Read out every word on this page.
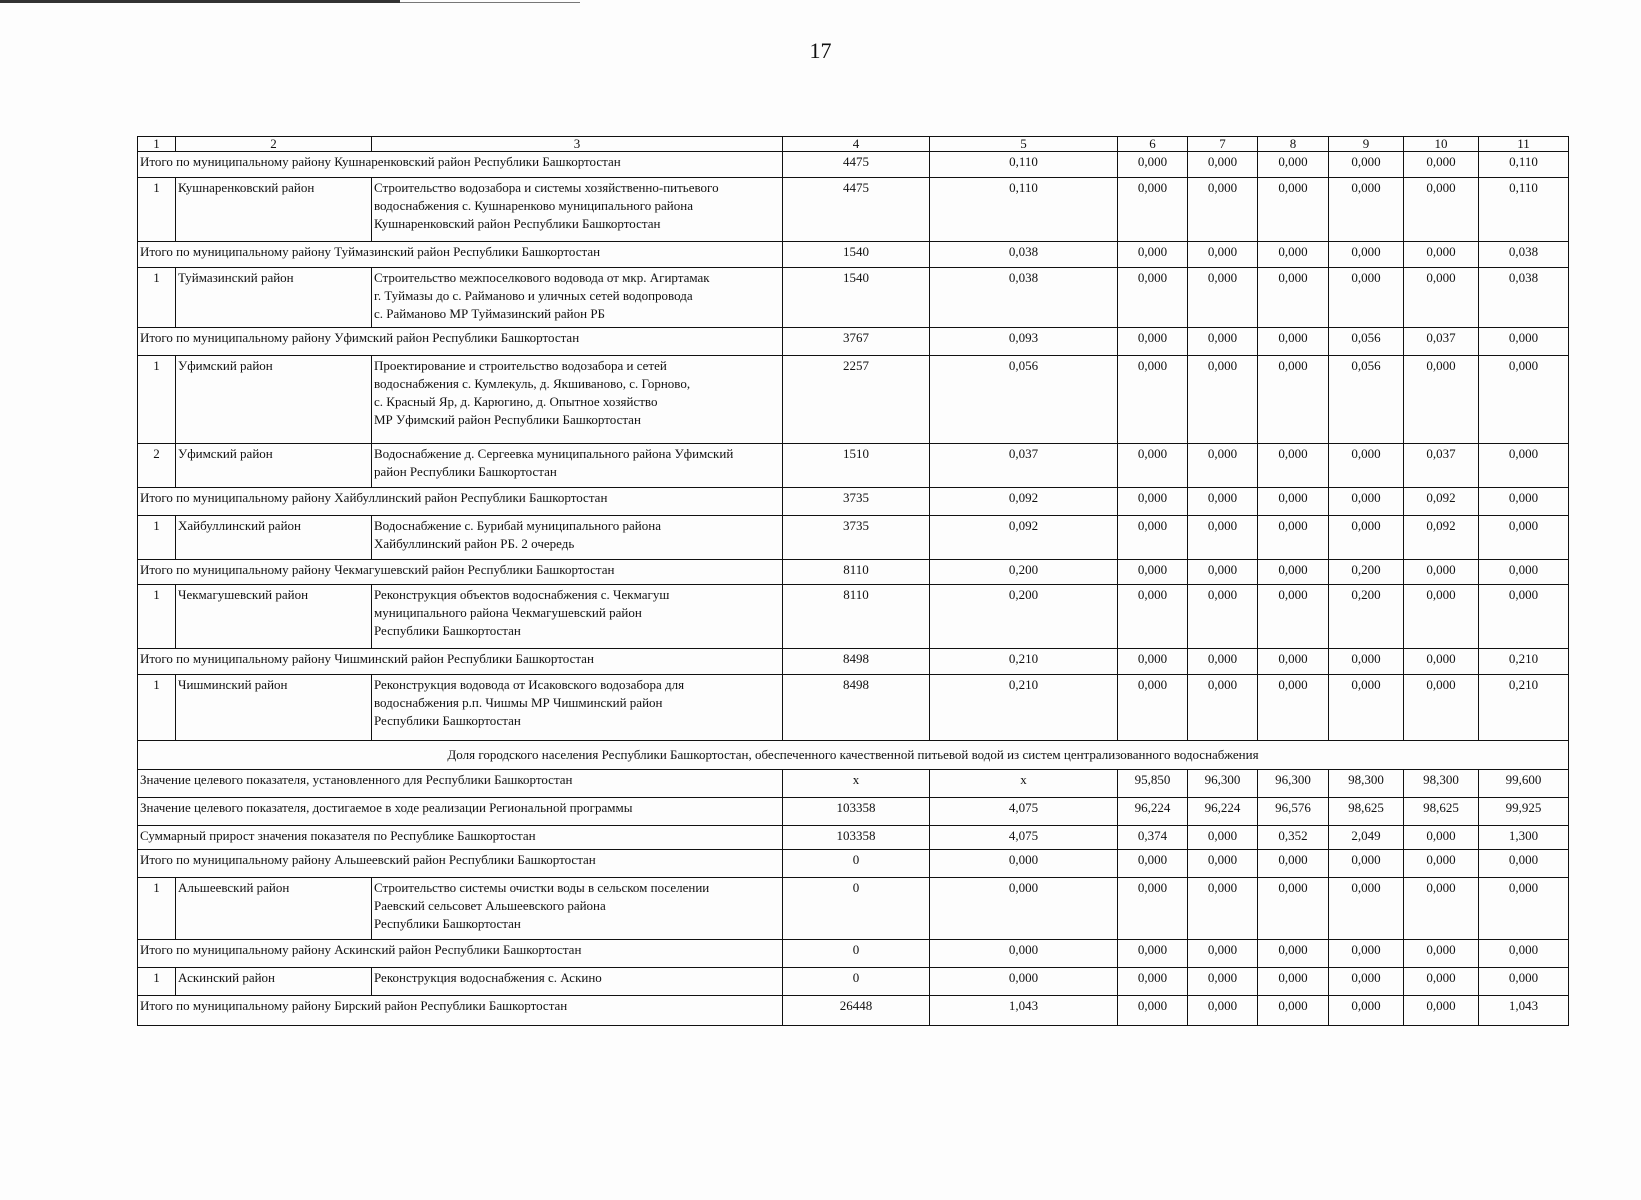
17
1	2	3	4	5	6	7	8	9	10	11
Итого по муниципальному району Кушнаренковский район Республики Башкортостан			4475	0,110	0,000	0,000	0,000	0,000	0,000	0,110
1	Кушнаренковский район	Строительство водозабора и системы хозяйственно-питьевого
водоснабжения с. Кушнаренково муниципального района
Кушнаренковский район Республики Башкортостан	4475	0,110	0,000	0,000	0,000	0,000	0,000	0,110
Итого по муниципальному району Туймазинский район Республики Башкортостан			1540	0,038	0,000	0,000	0,000	0,000	0,000	0,038
1	Туймазинский район	Строительство межпоселкового водовода от мкр. Агиртамак
г. Туймазы до с. Райманово и уличных сетей водопровода
с. Райманово МР Туймазинский район РБ	1540	0,038	0,000	0,000	0,000	0,000	0,000	0,038
Итого по муниципальному району Уфимский район Республики Башкортостан			3767	0,093	0,000	0,000	0,000	0,056	0,037	0,000
1	Уфимский район	Проектирование и строительство водозабора и сетей
водоснабжения с. Кумлекуль, д. Якшиваново, с. Горново,
с. Красный Яр, д. Карюгино, д. Опытное хозяйство
МР Уфимский район Республики Башкортостан	2257	0,056	0,000	0,000	0,000	0,056	0,000	0,000
2	Уфимский район	Водоснабжение д. Сергеевка муниципального района Уфимский
район Республики Башкортостан	1510	0,037	0,000	0,000	0,000	0,000	0,037	0,000
Итого по муниципальному району Хайбуллинский район Республики Башкортостан			3735	0,092	0,000	0,000	0,000	0,000	0,092	0,000
1	Хайбуллинский район	Водоснабжение с. Бурибай муниципального района
Хайбуллинский район РБ. 2 очередь	3735	0,092	0,000	0,000	0,000	0,000	0,092	0,000
Итого по муниципальному району Чекмагушевский район Республики Башкортостан			8110	0,200	0,000	0,000	0,000	0,200	0,000	0,000
1	Чекмагушевский район	Реконструкция объектов водоснабжения с. Чекмагуш
муниципального района Чекмагушевский район
Республики Башкортостан	8110	0,200	0,000	0,000	0,000	0,200	0,000	0,000
Итого по муниципальному району Чишминский район Республики Башкортостан			8498	0,210	0,000	0,000	0,000	0,000	0,000	0,210
1	Чишминский район	Реконструкция водовода от Исаковского водозабора для
водоснабжения р.п. Чишмы МР Чишминский район
Республики Башкортостан	8498	0,210	0,000	0,000	0,000	0,000	0,000	0,210
Доля городского населения Республики Башкортостан, обеспеченного качественной питьевой водой из систем централизованного водоснабжения										
Значение целевого показателя, установленного для Республики Башкортостан			x	x	95,850	96,300	96,300	98,300	98,300	99,600
Значение целевого показателя, достигаемое в ходе реализации Региональной программы			103358	4,075	96,224	96,224	96,576	98,625	98,625	99,925
Суммарный прирост значения показателя по Республике Башкортостан			103358	4,075	0,374	0,000	0,352	2,049	0,000	1,300
Итого по муниципальному району Альшеевский район Республики Башкортостан			0	0,000	0,000	0,000	0,000	0,000	0,000	0,000
1	Альшеевский район	Строительство системы очистки воды в сельском поселении
Раевский сельсовет Альшеевского района
Республики Башкортостан	0	0,000	0,000	0,000	0,000	0,000	0,000	0,000
Итого по муниципальному району Аскинский район Республики Башкортостан			0	0,000	0,000	0,000	0,000	0,000	0,000	0,000
1	Аскинский район	Реконструкция водоснабжения с. Аскино	0	0,000	0,000	0,000	0,000	0,000	0,000	0,000
Итого по муниципальному району Бирский район Республики Башкортостан			26448	1,043	0,000	0,000	0,000	0,000	0,000	1,043
